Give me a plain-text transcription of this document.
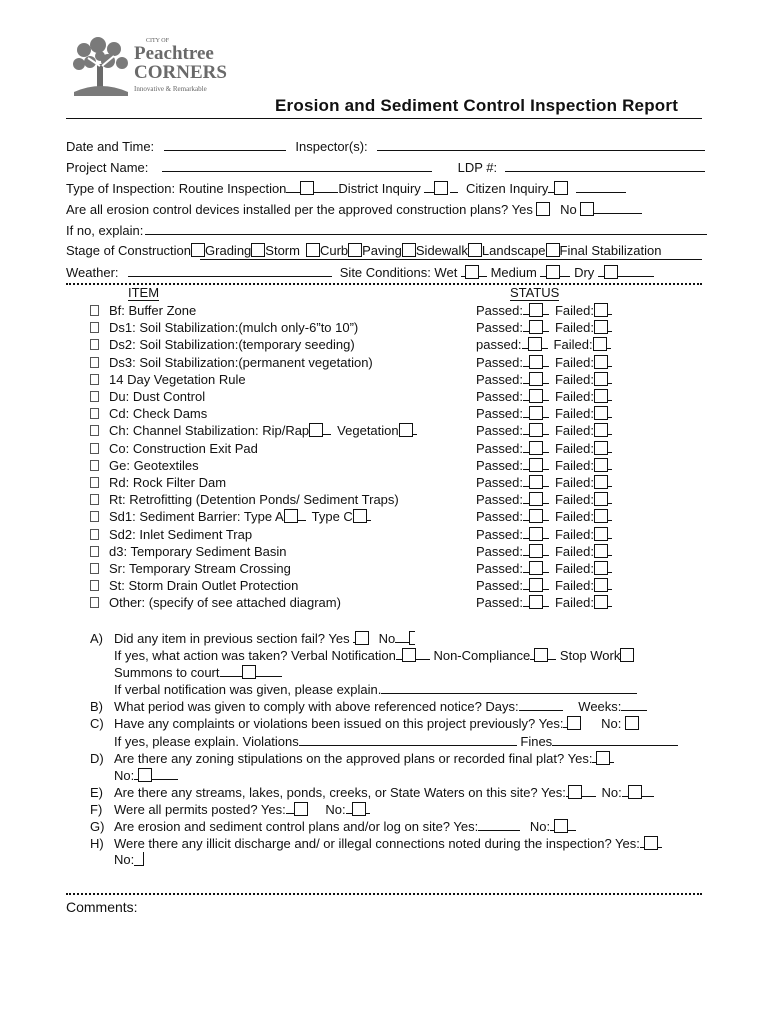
CITY OF
Peachtree
CORNERS
Innovative & Remarkable
Erosion and Sediment Control Inspection Report
Date and Time:	Inspector(s):
Project Name:	LDP #:
Type of Inspection: Routine Inspection	District Inquiry	Citizen Inquiry
Are all erosion control devices installed per the approved construction plans? Yes No
If no, explain:
Stage of Construction Grading Storm Curb Paving Sidewalk Landscape Final Stabilization
Weather:	Site Conditions: Wet	Medium	Dry
ITEM	STATUS
Bf: Buffer Zone	Passed: Failed:
Ds1: Soil Stabilization:(mulch only-6”to 10”)	Passed: Failed:
Ds2: Soil Stabilization:(temporary seeding)	passed: Failed:
Ds3: Soil Stabilization:(permanent vegetation)	Passed: Failed:
14 Day Vegetation Rule	Passed: Failed:
Du: Dust Control	Passed: Failed:
Cd: Check Dams	Passed: Failed:
Ch: Channel Stabilization: Rip/Rap Vegetation	Passed: Failed:
Co: Construction Exit Pad	Passed: Failed:
Ge: Geotextiles	Passed: Failed:
Rd: Rock Filter Dam	Passed: Failed:
Rt: Retrofitting (Detention Ponds/ Sediment Traps)	Passed: Failed:
Sd1: Sediment Barrier: Type A Type C	Passed: Failed:
Sd2: Inlet Sediment Trap	Passed: Failed:
d3: Temporary Sediment Basin	Passed: Failed:
Sr: Temporary Stream Crossing	Passed: Failed:
St: Storm Drain Outlet Protection	Passed: Failed:
Other: (specify of see attached diagram)	Passed: Failed:
A) Did any item in previous section fail? Yes No
If yes, what action was taken? Verbal Notification	Non-Compliance Stop Work
Summons to court
If verbal notification was given, please explain.
B) What period was given to comply with above referenced notice? Days:	Weeks:
C) Have any complaints or violations been issued on this project previously? Yes:	No:
If yes, please explain. Violations	Fines
D) Are there any zoning stipulations on the approved plans or recorded final plat? Yes:
No:
E) Are there any streams, lakes, ponds, creeks, or State Waters on this site? Yes:	No:
F) Were all permits posted? Yes:	No:
G) Are erosion and sediment control plans and/or log on site? Yes:	No:
H) Were there any illicit discharge and/ or illegal connections noted during the inspection? Yes:
No:
Comments:
